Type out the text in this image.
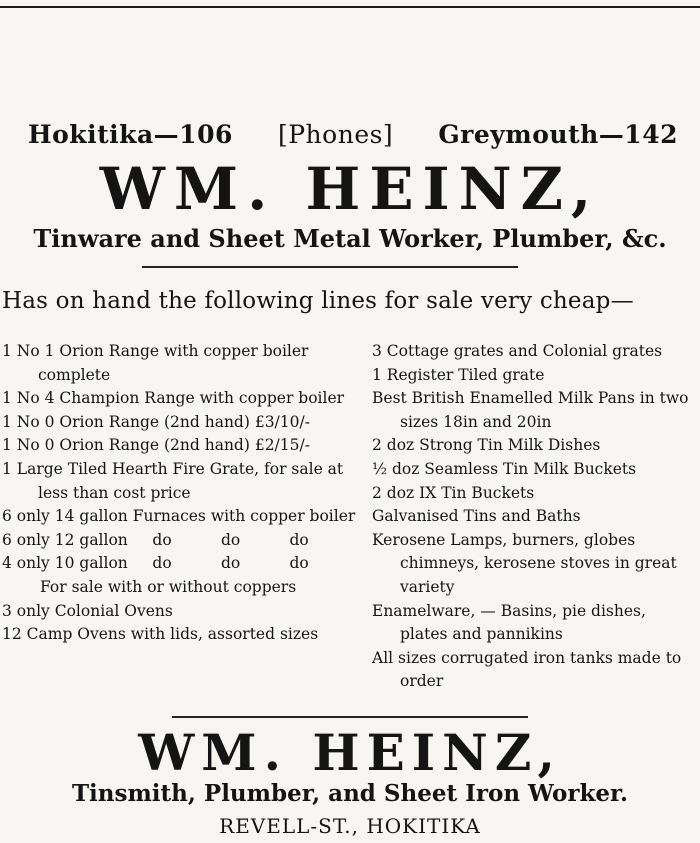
Hokitika—106 [Phones] Greymouth—142
WM. HEINZ,
Tinware and Sheet Metal Worker, Plumber, &c.
Has on hand the following lines for sale very cheap—

1 No 1 Orion Range with copper boiler complete

1 No 4 Champion Range with copper boiler

1 No 0 Orion Range (2nd hand) £3/10/-

1 No 0 Orion Range (2nd hand) £2/15/-

1 Large Tiled Hearth Fire Grate, for sale at less than cost price

6 only 14 gallon Furnaces with copper boiler

6 only 12 gallon     do          do          do

4 only 10 gallon     do          do          do

For sale with or without coppers

3 only Colonial Ovens

12 Camp Ovens with lids, assorted sizes

3 Cottage grates and Colonial grates

1 Register Tiled grate

Best British Enamelled Milk Pans in two sizes 18in and 20in

2 doz Strong Tin Milk Dishes

½ doz Seamless Tin Milk Buckets

2 doz IX Tin Buckets

Galvanised Tins and Baths

Kerosene Lamps, burners, globes chimneys, kerosene stoves in great variety

Enamelware, — Basins, pie dishes, plates and pannikins

All sizes corrugated iron tanks made to order

WM. HEINZ,
Tinsmith, Plumber, and Sheet Iron Worker.
REVELL-ST., HOKITIKA
